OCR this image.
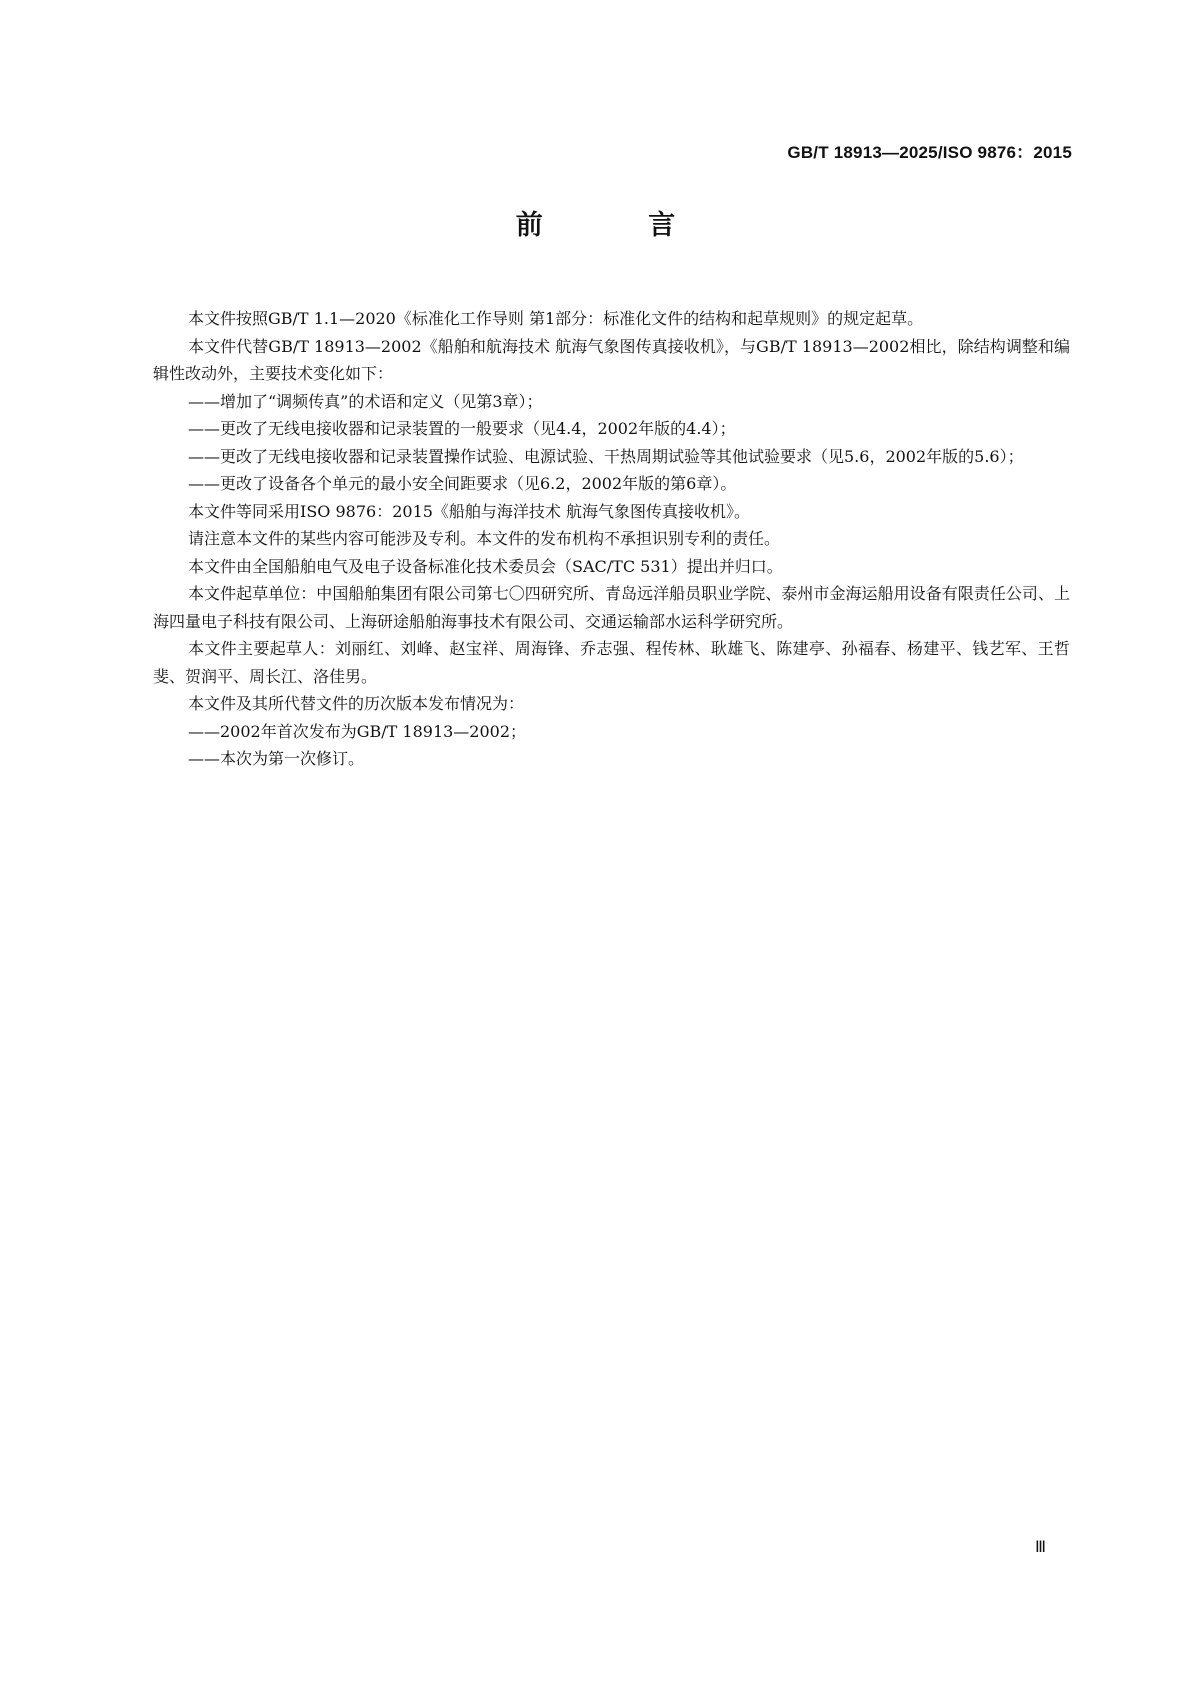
GB/T 18913—2025/ISO 9876：2015
前 言

本文件按照GB/T 1.1—2020《标准化工作导则 第1部分：标准化文件的结构和起草规则》的规定起草。

本文件代替GB/T 18913—2002《船舶和航海技术 航海气象图传真接收机》，与GB/T 18913—2002相比，除结构调整和编辑性改动外，主要技术变化如下：

——增加了“调频传真”的术语和定义（见第3章）；

——更改了无线电接收器和记录装置的一般要求（见4.4，2002年版的4.4）；

——更改了无线电接收器和记录装置操作试验、电源试验、干热周期试验等其他试验要求（见5.6，2002年版的5.6）；

——更改了设备各个单元的最小安全间距要求（见6.2，2002年版的第6章）。

本文件等同采用ISO 9876：2015《船舶与海洋技术 航海气象图传真接收机》。

请注意本文件的某些内容可能涉及专利。本文件的发布机构不承担识别专利的责任。

本文件由全国船舶电气及电子设备标准化技术委员会（SAC/TC 531）提出并归口。

本文件起草单位：中国船舶集团有限公司第七〇四研究所、青岛远洋船员职业学院、泰州市金海运船用设备有限责任公司、上海四量电子科技有限公司、上海研途船舶海事技术有限公司、交通运输部水运科学研究所。

本文件主要起草人：刘丽红、刘峰、赵宝祥、周海锋、乔志强、程传林、耿雄飞、陈建亭、孙福春、杨建平、钱艺军、王哲斐、贺润平、周长江、洛佳男。

本文件及其所代替文件的历次版本发布情况为：

——2002年首次发布为GB/T 18913—2002；

——本次为第一次修订。

Ⅲ
